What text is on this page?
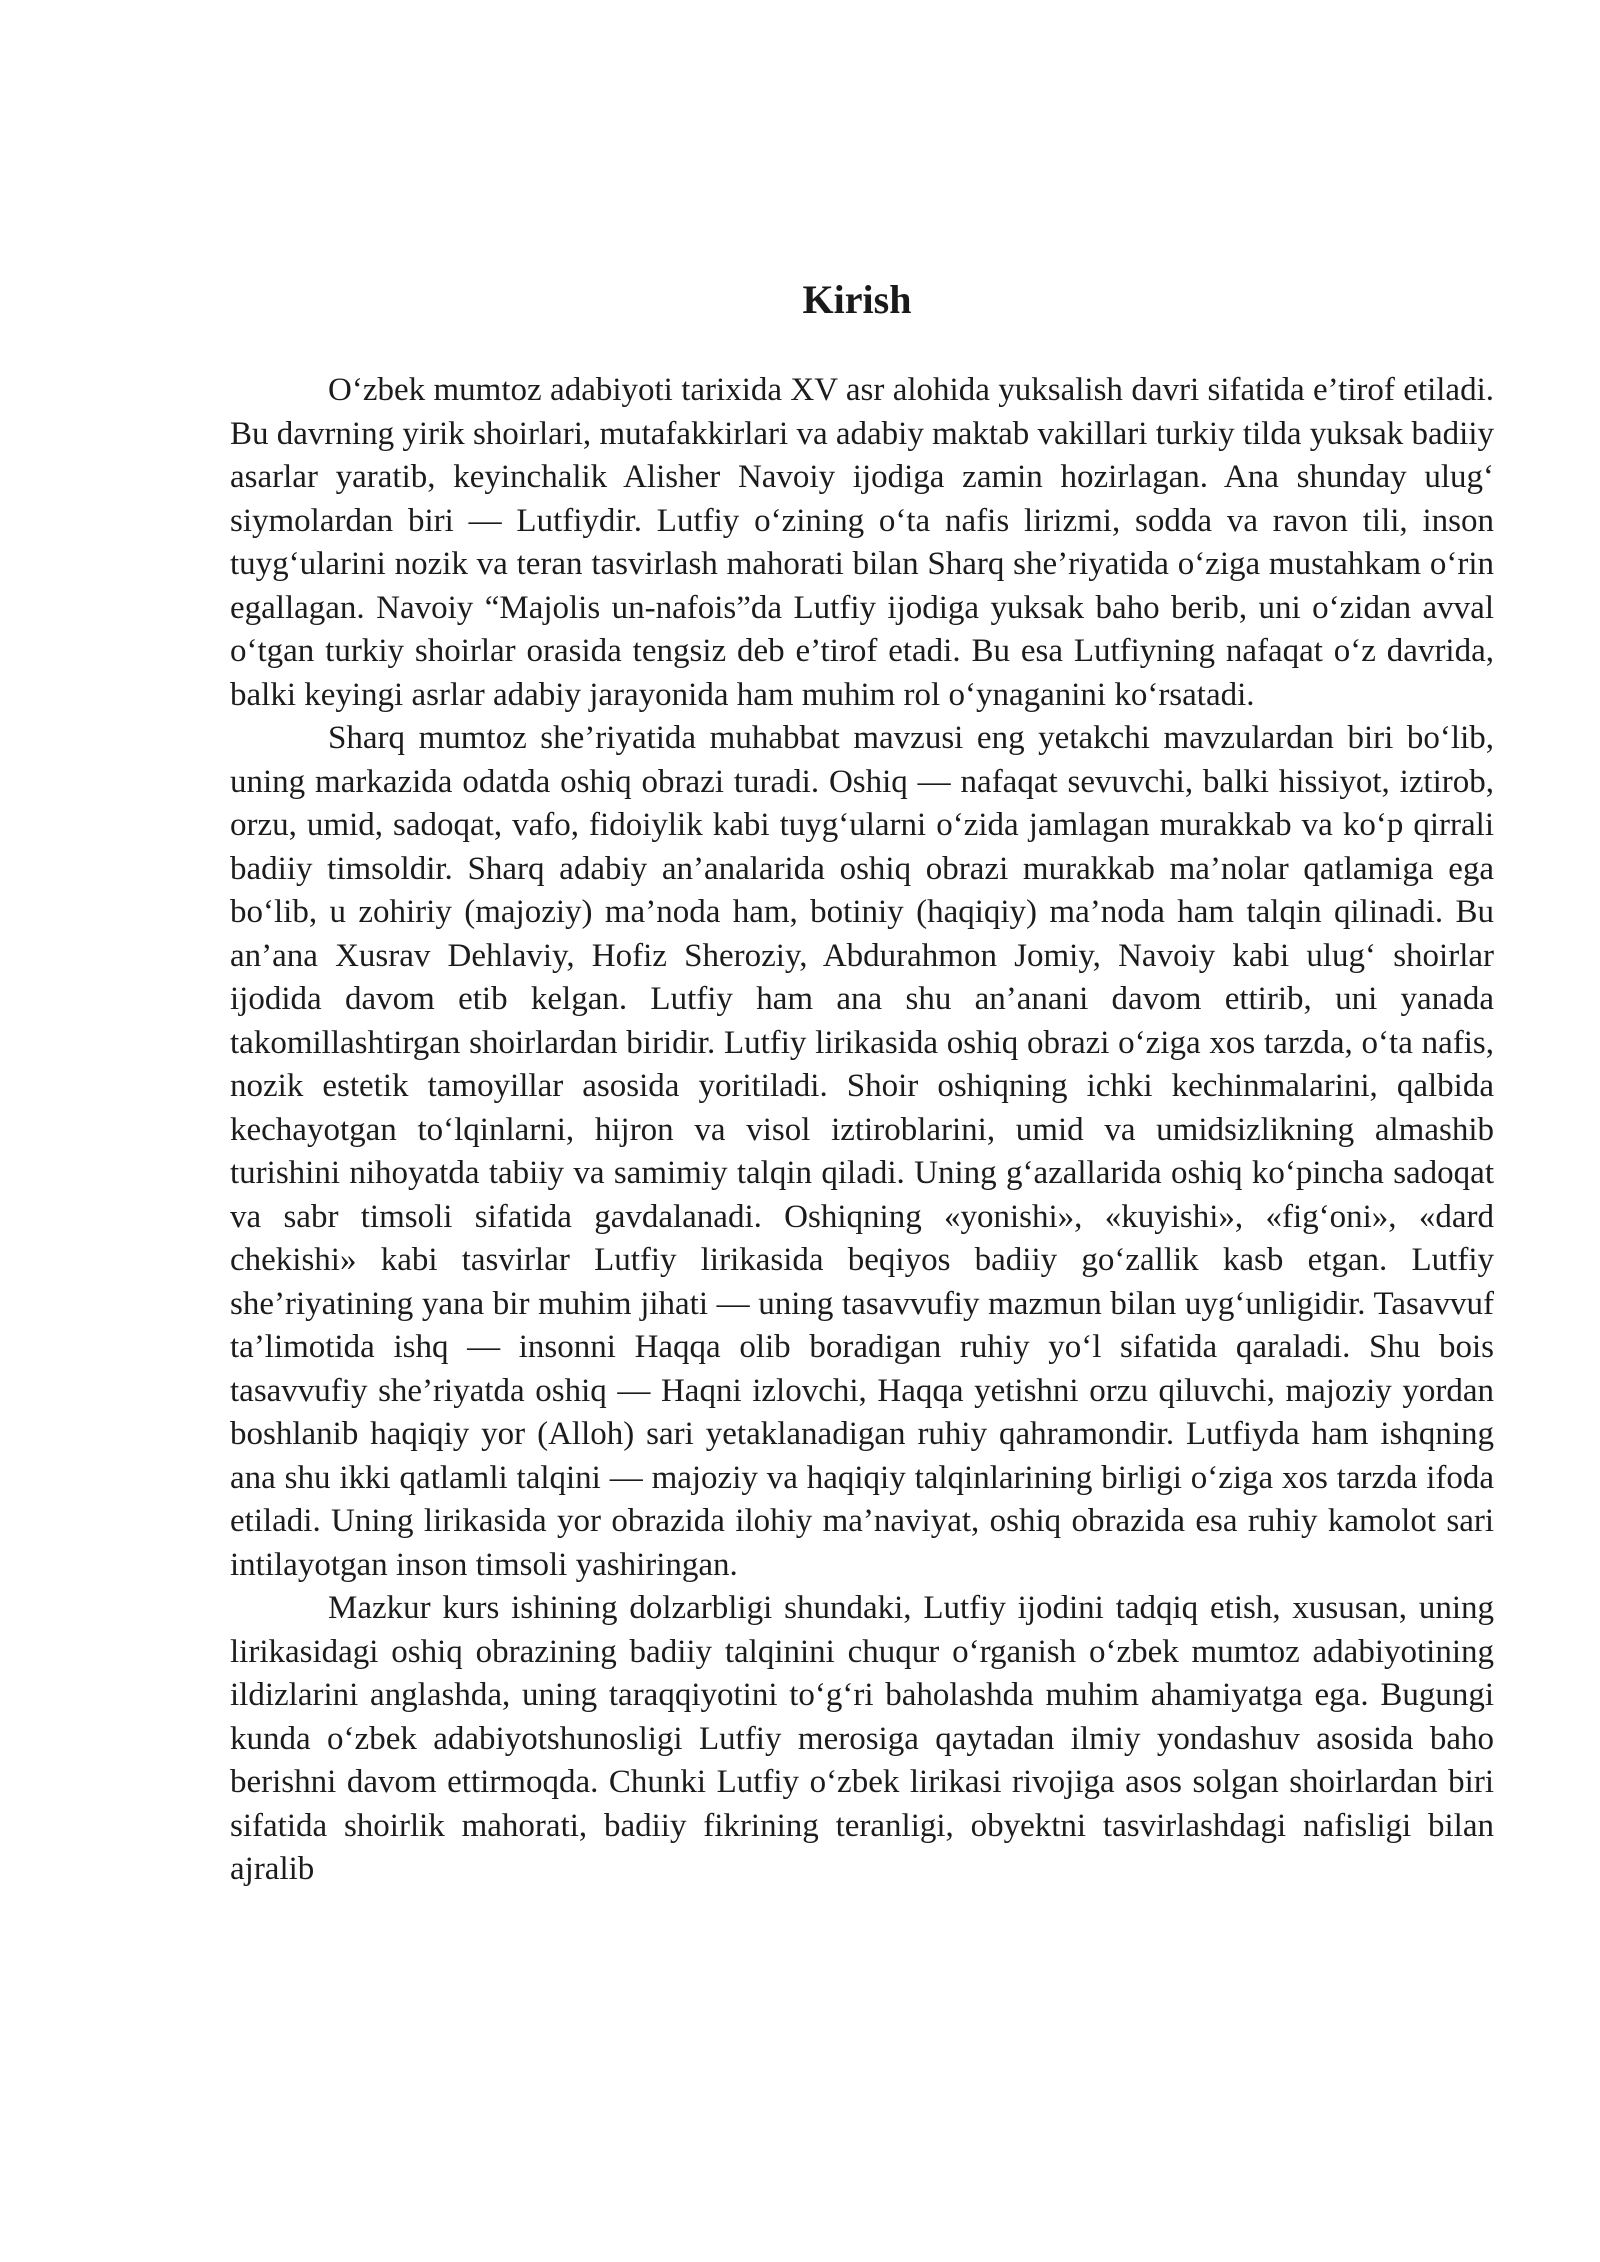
Kirish

O‘zbek mumtoz adabiyoti tarixida XV asr alohida yuksalish davri sifatida e’tirof etiladi. Bu davrning yirik shoirlari, mutafakkirlari va adabiy maktab vakillari turkiy tilda yuksak badiiy asarlar yaratib, keyinchalik Alisher Navoiy ijodiga zamin hozirlagan. Ana shunday ulug‘ siymolardan biri — Lutfiydir. Lutfiy o‘zining o‘ta nafis lirizmi, sodda va ravon tili, inson tuyg‘ularini nozik va teran tasvirlash mahorati bilan Sharq she’riyatida o‘ziga mustahkam o‘rin egallagan. Navoiy “Majolis un-nafois”da Lutfiy ijodiga yuksak baho berib, uni o‘zidan avval o‘tgan turkiy shoirlar orasida tengsiz deb e’tirof etadi. Bu esa Lutfiyning nafaqat o‘z davrida, balki keyingi asrlar adabiy jarayonida ham muhim rol o‘ynaganini ko‘rsatadi.

Sharq mumtoz she’riyatida muhabbat mavzusi eng yetakchi mavzulardan biri bo‘lib, uning markazida odatda oshiq obrazi turadi. Oshiq — nafaqat sevuvchi, balki hissiyot, iztirob, orzu, umid, sadoqat, vafo, fidoiylik kabi tuyg‘ularni o‘zida jamlagan murakkab va ko‘p qirrali badiiy timsoldir. Sharq adabiy an’analarida oshiq obrazi murakkab ma’nolar qatlamiga ega bo‘lib, u zohiriy (majoziy) ma’noda ham, botiniy (haqiqiy) ma’noda ham talqin qilinadi. Bu an’ana Xusrav Dehlaviy, Hofiz Sheroziy, Abdurahmon Jomiy, Navoiy kabi ulug‘ shoirlar ijodida davom etib kelgan. Lutfiy ham ana shu an’anani davom ettirib, uni yanada takomillashtirgan shoirlardan biridir. Lutfiy lirikasida oshiq obrazi o‘ziga xos tarzda, o‘ta nafis, nozik estetik tamoyillar asosida yoritiladi. Shoir oshiqning ichki kechinmalarini, qalbida kechayotgan to‘lqinlarni, hijron va visol iztiroblarini, umid va umidsizlikning almashib turishini nihoyatda tabiiy va samimiy talqin qiladi. Uning g‘azallarida oshiq ko‘pincha sadoqat va sabr timsoli sifatida gavdalanadi. Oshiqning «yonishi», «kuyishi», «fig‘oni», «dard chekishi» kabi tasvirlar Lutfiy lirikasida beqiyos badiiy go‘zallik kasb etgan. Lutfiy she’riyatining yana bir muhim jihati — uning tasavvufiy mazmun bilan uyg‘unligidir. Tasavvuf ta’limotida ishq — insonni Haqqa olib boradigan ruhiy yo‘l sifatida qaraladi. Shu bois tasavvufiy she’riyatda oshiq — Haqni izlovchi, Haqqa yetishni orzu qiluvchi, majoziy yordan boshlanib haqiqiy yor (Alloh) sari yetaklanadigan ruhiy qahramondir. Lutfiyda ham ishqning ana shu ikki qatlamli talqini — majoziy va haqiqiy talqinlarining birligi o‘ziga xos tarzda ifoda etiladi. Uning lirikasida yor obrazida ilohiy ma’naviyat, oshiq obrazida esa ruhiy kamolot sari intilayotgan inson timsoli yashiringan.

Mazkur kurs ishining dolzarbligi shundaki, Lutfiy ijodini tadqiq etish, xususan, uning lirikasidagi oshiq obrazining badiiy talqinini chuqur o‘rganish o‘zbek mumtoz adabiyotining ildizlarini anglashda, uning taraqqiyotini to‘g‘ri baholashda muhim ahamiyatga ega. Bugungi kunda o‘zbek adabiyotshunosligi Lutfiy merosiga qaytadan ilmiy yondashuv asosida baho berishni davom ettirmoqda. Chunki Lutfiy o‘zbek lirikasi rivojiga asos solgan shoirlardan biri sifatida shoirlik mahorati, badiiy fikrining teranligi, obyektni tasvirlashdagi nafisligi bilan ajralib
